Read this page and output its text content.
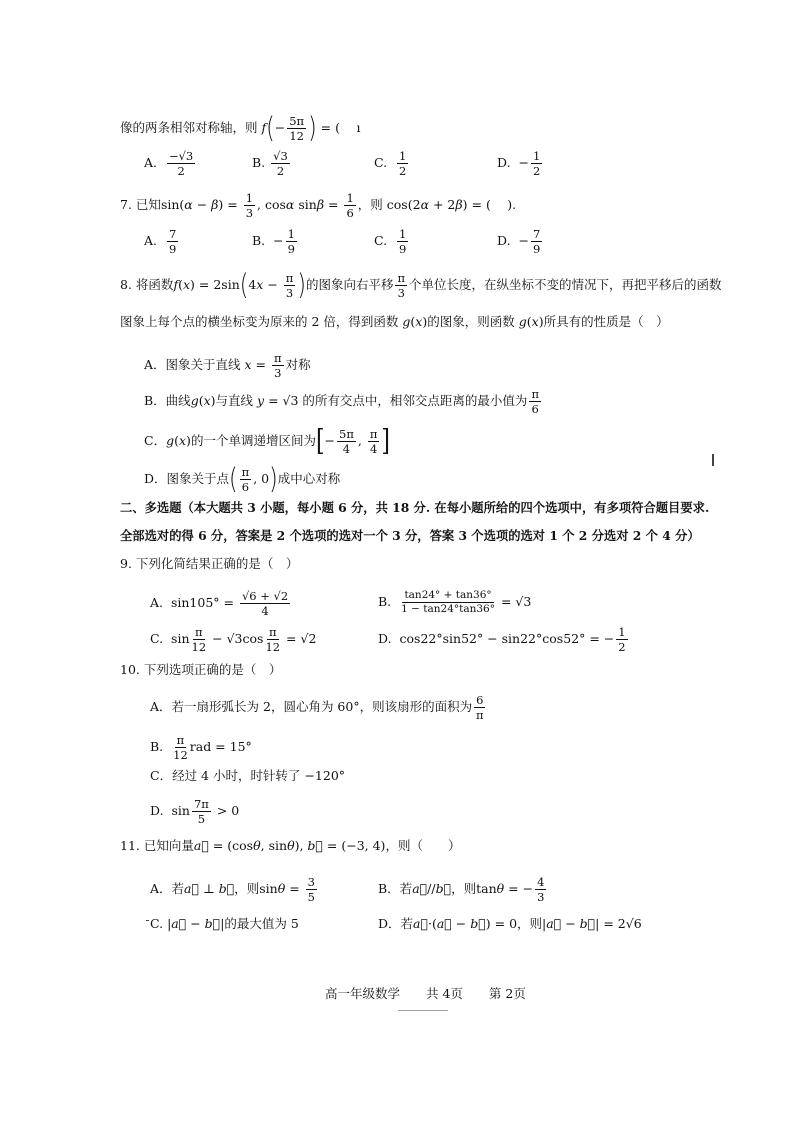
像的两条相邻对称轴，则 $f(- \frac{5\pi}{12}$ ) = (　 ı
A. $\frac{-√3}{2}$	B. $\frac{√3}{2}$	C. $\frac{1}{2}$	D.  − $\frac{1}{2}$
7. 已知$\sin(\alpha - \beta) = \frac{1}{3}$ , cosα $\sin\beta = \frac{1}{6}$ ，则 cos(2α + 2β) = (　 ).
A. $\frac{7}{9}$	B.  − $\frac{1}{9}$	C. $\frac{1}{9}$	D.  − $\frac{7}{9}$
8. 将函数$f(x) = 2\sin(4x - \frac{\pi}{3}$ )的图象向右平移 $\frac{\pi}{3}$ 个单位长度，在纵坐标不变的情况下，再把平移后的函数
图象上每个点的横坐标变为原来的 2 倍，得到函数 g(x)的图象，则函数 g(x)所具有的性质是（　）
A．图象关于直线 $x = \frac{\pi}{3}$ 对称
B．曲线g(x)与直线 y = √3 的所有交点中，相邻交点距离的最小值为 $\frac{\pi}{6}$
C．g(x)的一个单调递增区间为[− $\frac{5\pi}{4}$ , $\frac{\pi}{4}$ ]
D．图象关于点( $\frac{\pi}{6}$ , 0)成中心对称
二、多选题（本大题共 3 小题，每小题 6 分，共 18 分. 在每小题所给的四个选项中，有多项符合题目要求.
全部选对的得 6 分，答案是 2 个选项的选对一个 3 分，答案 3 个选项的选对 1 个 2 分选对 2 个 4 分）
9. 下列化简结果正确的是（　）
A.  $\sin 105^\circ = \frac{√6 + √2}{4}$	B. $\frac{\tan 24^\circ + \tan 36^\circ}{1 - \tan 24^\circ\tan 36^\circ} = √3$
C.  $\sin \frac{\pi}{12} - √3\cos \frac{\pi}{12} = √2$	D.  cos22°sin52° − sin22°cos52° = − $\frac{1}{2}$
10. 下列选项正确的是（　）
A．若一扇形弧长为 2，圆心角为 60°，则该扇形的面积为 $\frac{6}{\pi}$
B. $\frac{\pi}{12}$ rad = 15°
C．经过 4 小时，时针转了 −120°
D.  $\sin \frac{7\pi}{5} > 0$
11. 已知向量a⃗ = (cosθ, sinθ), b⃗ = (−3, 4)，则（　　）
A．若a⃗ ⊥ b⃗，则$\sin\theta = \frac{3}{5}$	B．若a⃗//b⃗，则tanθ = − $\frac{4}{3}$
C. |a⃗ − b⃗|的最大值为 5	D．若a⃗·(a⃗ − b⃗) = 0，则|a⃗ − b⃗| = 2√6
高一年级数学 共 4页 第 2页
